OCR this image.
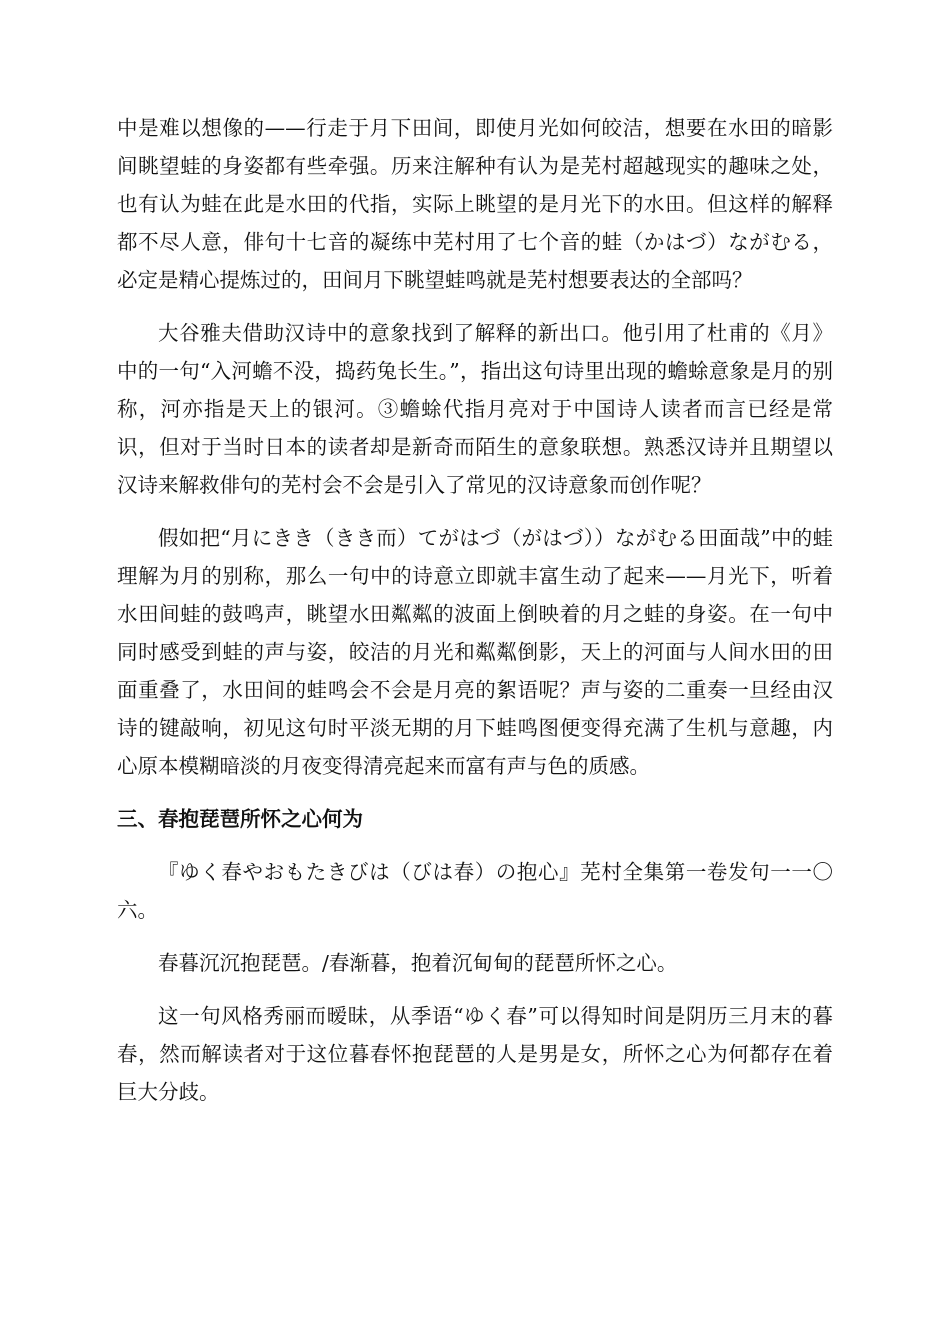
中是难以想像的——行走于月下田间，即使月光如何皎洁，想要在水田的暗影间眺望蛙的身姿都有些牵强。历来注解种有认为是芜村超越现实的趣味之处，也有认为蛙在此是水田的代指，实际上眺望的是月光下的水田。但这样的解释都不尽人意，俳句十七音的凝练中芜村用了七个音的蛙（かはづ）ながむる，必定是精心提炼过的，田间月下眺望蛙鸣就是芜村想要表达的全部吗？

大谷雅夫借助汉诗中的意象找到了解释的新出口。他引用了杜甫的《月》中的一句“入河蟾不没，捣药兔长生。”，指出这句诗里出现的蟾蜍意象是月的别称，河亦指是天上的银河。③蟾蜍代指月亮对于中国诗人读者而言已经是常识，但对于当时日本的读者却是新奇而陌生的意象联想。熟悉汉诗并且期望以汉诗来解救俳句的芜村会不会是引入了常见的汉诗意象而创作呢？

假如把“月にきき（きき而）てがはづ（がはづ））ながむる田面哉”中的蛙理解为月的别称，那么一句中的诗意立即就丰富生动了起来——月光下，听着水田间蛙的鼓鸣声，眺望水田粼粼的波面上倒映着的月之蛙的身姿。在一句中同时感受到蛙的声与姿，皎洁的月光和粼粼倒影，天上的河面与人间水田的田面重叠了，水田间的蛙鸣会不会是月亮的絮语呢？声与姿的二重奏一旦经由汉诗的键敲响，初见这句时平淡无期的月下蛙鸣图便变得充满了生机与意趣，内心原本模糊暗淡的月夜变得清亮起来而富有声与色的质感。

三、春抱琵琶所怀之心何为

『ゆく春やおもたきびは（びは春）の抱心』芜村全集第一卷发句一一〇六。

春暮沉沉抱琵琶。/春渐暮，抱着沉甸甸的琵琶所怀之心。

这一句风格秀丽而暧昧，从季语“ゆく春”可以得知时间是阴历三月末的暮春，然而解读者对于这位暮春怀抱琵琶的人是男是女，所怀之心为何都存在着巨大分歧。
